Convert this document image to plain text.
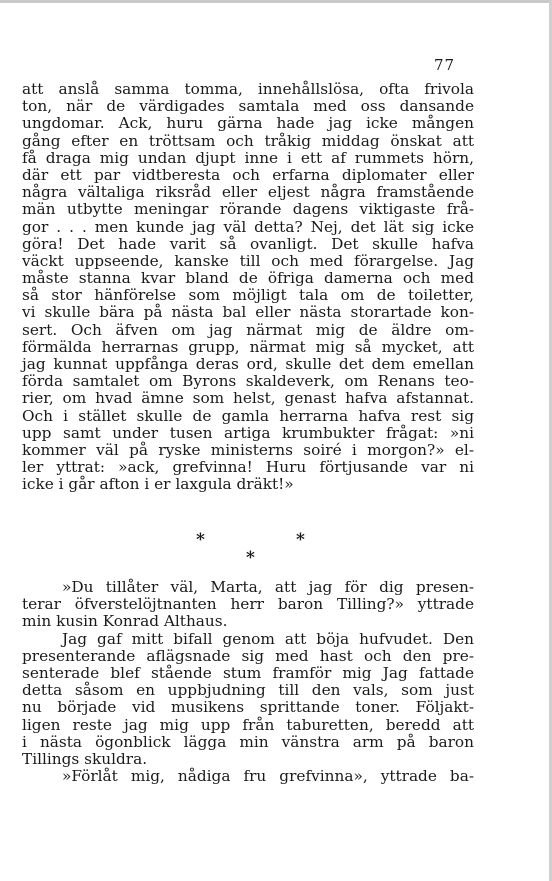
77
att anslå samma tomma, innehållslösa, ofta frivola
ton, när de värdigades samtala med oss dansande
ungdomar. Ack, huru gärna hade jag icke mången
gång efter en tröttsam och tråkig middag önskat att
få draga mig undan djupt inne i ett af rummets hörn,
där ett par vidtberesta och erfarna diplomater eller
några vältaliga riksråd eller eljest några framstående
män utbytte meningar rörande dagens viktigaste frå-
gor . . . men kunde jag väl detta? Nej, det lät sig icke
göra! Det hade varit så ovanligt. Det skulle hafva
väckt uppseende, kanske till och med förargelse. Jag
måste stanna kvar bland de öfriga damerna och med
så stor hänförelse som möjligt tala om de toiletter,
vi skulle bära på nästa bal eller nästa storartade kon-
sert. Och äfven om jag närmat mig de äldre om-
förmälda herrarnas grupp, närmat mig så mycket, att
jag kunnat uppfånga deras ord, skulle det dem emellan
förda samtalet om Byrons skaldeverk, om Renans teo-
rier, om hvad ämne som helst, genast hafva afstannat.
Och i stället skulle de gamla herrarna hafva rest sig
upp samt under tusen artiga krumbukter frågat: »ni
kommer väl på ryske ministerns soiré i morgon?» el-
ler yttrat: »ack, grefvinna! Huru förtjusande var ni
icke i går afton i er laxgula dräkt!»
*	*
*
»Du tillåter väl, Marta, att jag för dig presen-
terar öfverstelöjtnanten herr baron Tilling?» yttrade
min kusin Konrad Althaus.
Jag gaf mitt bifall genom att böja hufvudet. Den
presenterande aflägsnade sig med hast och den pre-
senterade blef stående stum framför mig Jag fattade
detta såsom en uppbjudning till den vals, som just
nu började vid musikens sprittande toner. Följakt-
ligen reste jag mig upp från taburetten, beredd att
i nästa ögonblick lägga min vänstra arm på baron
Tillings skuldra.
»Förlåt mig, nådiga fru grefvinna», yttrade ba-
